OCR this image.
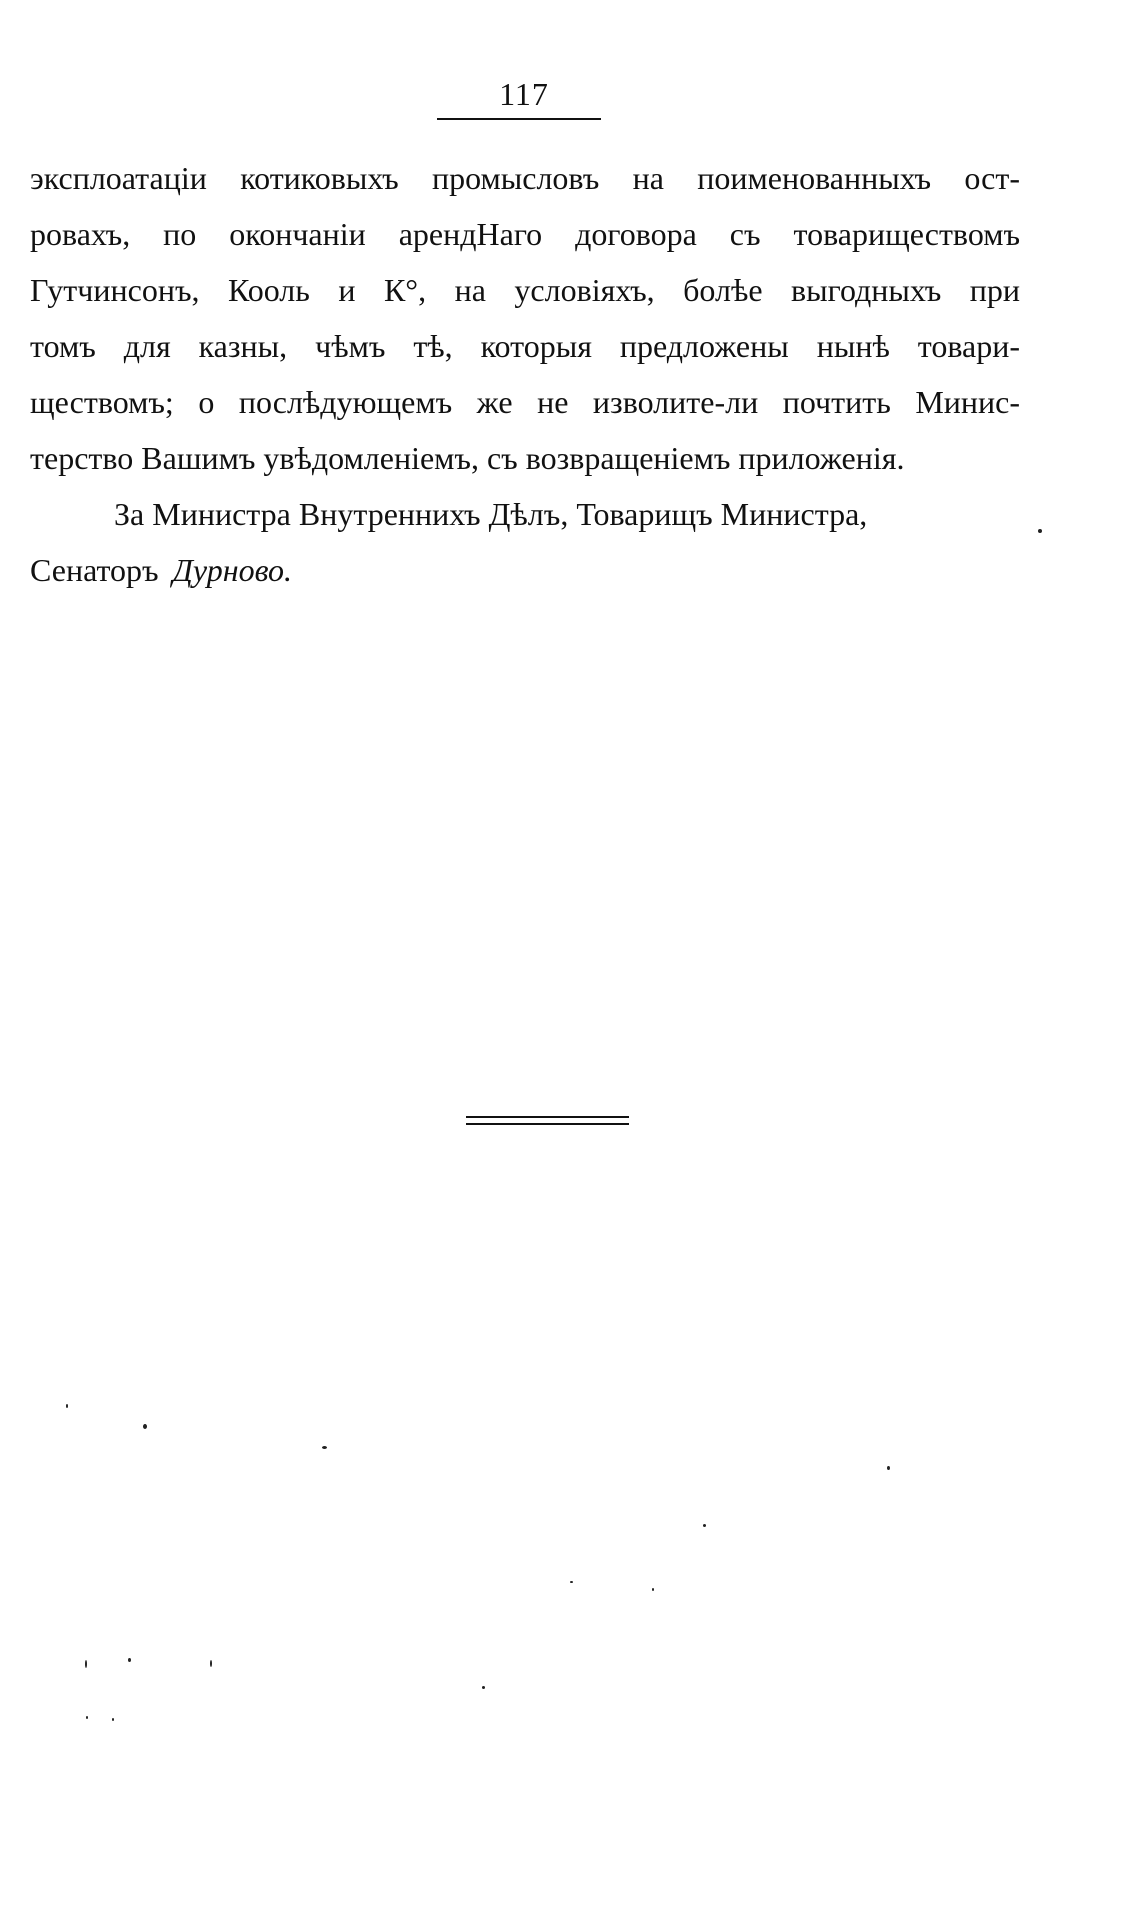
117
эксплоатаціи котиковыхъ промысловъ на поименованныхъ ост-
ровахъ, по окончаніи арендНаго договора съ товариществомъ
Гутчинсонъ, Кооль и К°, на условіяхъ, болѣе выгодныхъ при
томъ для казны, чѣмъ тѣ, которыя предложены нынѣ товари-
ществомъ; о послѣдующемъ же не изволите-ли почтить Минис-
терство Вашимъ увѣдомленіемъ, съ возвращеніемъ приложенія.
За Министра Внутреннихъ Дѣлъ, Товарищъ Министра,
Сенаторъ Дурново.
